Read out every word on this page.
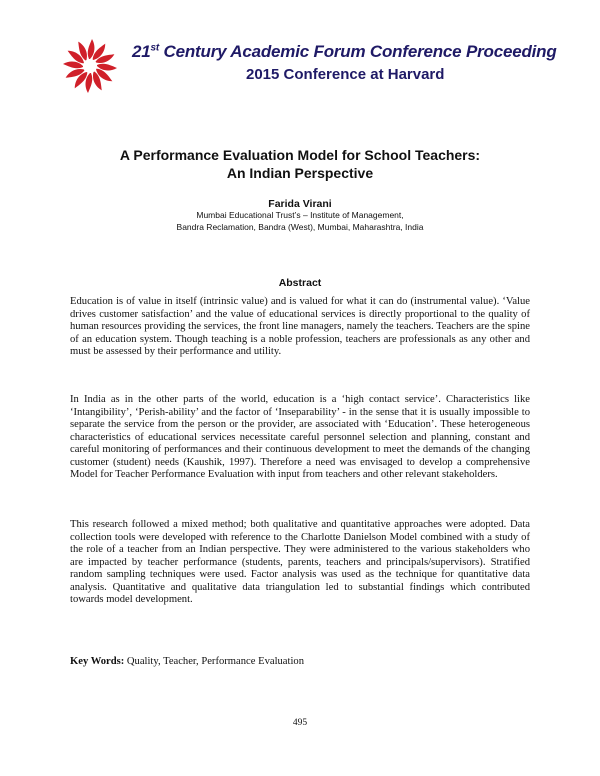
21st Century Academic Forum Conference Proceeding
2015 Conference at Harvard
A Performance Evaluation Model for School Teachers:
An Indian Perspective
Farida Virani
Mumbai Educational Trust’s – Institute of Management,
Bandra Reclamation, Bandra (West), Mumbai, Maharashtra, India
Abstract

Education is of value in itself (intrinsic value) and is valued for what it can do (instrumental value). ‘Value drives customer satisfaction’ and the value of educational services is directly proportional to the quality of human resources providing the services, the front line managers, namely the teachers. Teachers are the spine of an education system. Though teaching is a noble profession, teachers are professionals as any other and must be assessed by their performance and utility.

In India as in the other parts of the world, education is a ‘high contact service’. Characteristics like ‘Intangibility’, ‘Perish-ability’ and the factor of ‘Inseparability’ - in the sense that it is usually impossible to separate the service from the person or the provider, are associated with ‘Education’. These heterogeneous characteristics of educational services necessitate careful personnel selection and planning, constant and careful monitoring of performances and their continuous development to meet the demands of the changing customer (student) needs (Kaushik, 1997). Therefore a need was envisaged to develop a comprehensive Model for Teacher Performance Evaluation with input from teachers and other relevant stakeholders.

This research followed a mixed method; both qualitative and quantitative approaches were adopted. Data collection tools were developed with reference to the Charlotte Danielson Model combined with a study of the role of a teacher from an Indian perspective. They were administered to the various stakeholders who are impacted by teacher performance (students, parents, teachers and principals/supervisors). Stratified random sampling techniques were used. Factor analysis was used as the technique for quantitative data analysis. Quantitative and qualitative data triangulation led to substantial findings which contributed towards model development.

Key Words: Quality, Teacher, Performance Evaluation
495
